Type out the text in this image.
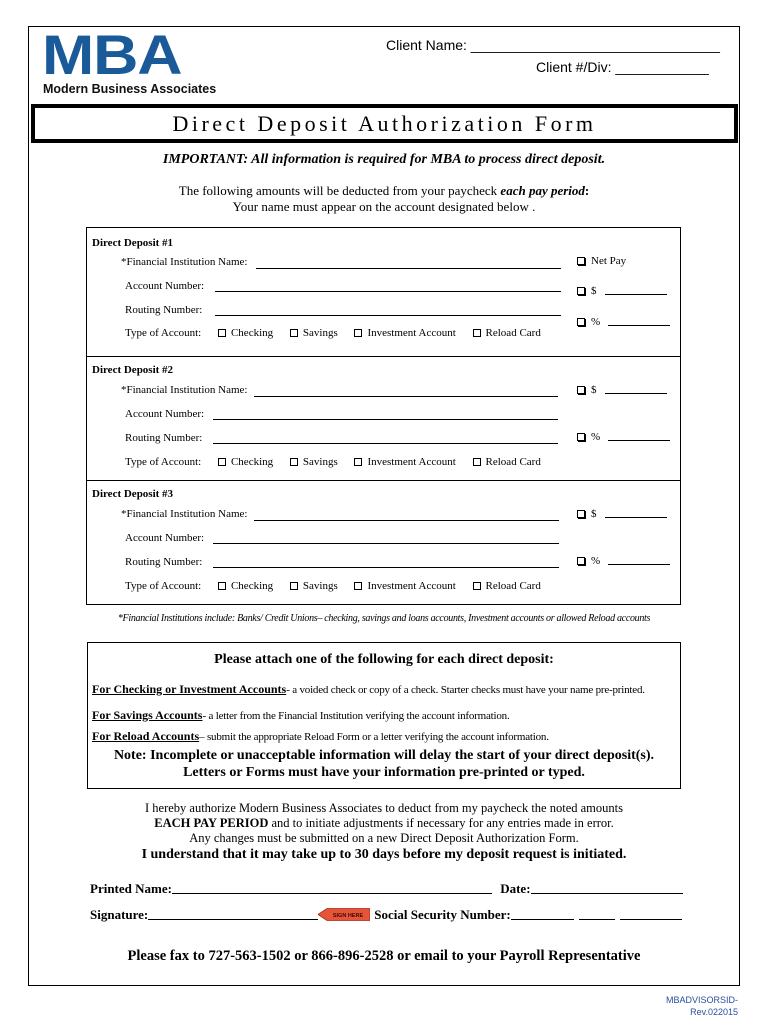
MBA
Modern Business Associates
Client Name: ________________________________
Client #/Div: ____________
Direct Deposit Authorization Form
IMPORTANT: All information is required for MBA to process direct deposit.
The following amounts will be deducted from your paycheck each pay period:
Your name must appear on the account designated below .
Direct Deposit #1
*Financial Institution Name:
Account Number:
Routing Number:
Type of Account:	Checking	Savings	Investment Account	Reload Card
Net Pay
$
%
Direct Deposit #2
*Financial Institution Name:
Account Number:
Routing Number:
Type of Account:	Checking	Savings	Investment Account	Reload Card
$
%
Direct Deposit #3
*Financial Institution Name:
Account Number:
Routing Number:
Type of Account:	Checking	Savings	Investment Account	Reload Card
$
%
*Financial Institutions include: Banks/ Credit Unions– checking, savings and loans accounts, Investment accounts or allowed Reload accounts
Please attach one of the following for each direct deposit:
For Checking or Investment Accounts- a voided check or copy of a check. Starter checks must have your name pre-printed.
For Savings Accounts- a letter from the Financial Institution verifying the account information.
For Reload Accounts– submit the appropriate Reload Form or a letter verifying the account information.
Note: Incomplete or unacceptable information will delay the start of your direct deposit(s).
Letters or Forms must have your information pre-printed or typed.
I hereby authorize Modern Business Associates to deduct from my paycheck the noted amounts
EACH PAY PERIOD and to initiate adjustments if necessary for any entries made in error.
Any changes must be submitted on a new Direct Deposit Authorization Form.
I understand that it may take up to 30 days before my deposit request is initiated.
Printed Name:	Date:
Signature:	SIGN HERE Social Security Number:
Please fax to 727-563-1502 or 866-896-2528 or email to your Payroll Representative
MBADVISORSID-
Rev.022015
